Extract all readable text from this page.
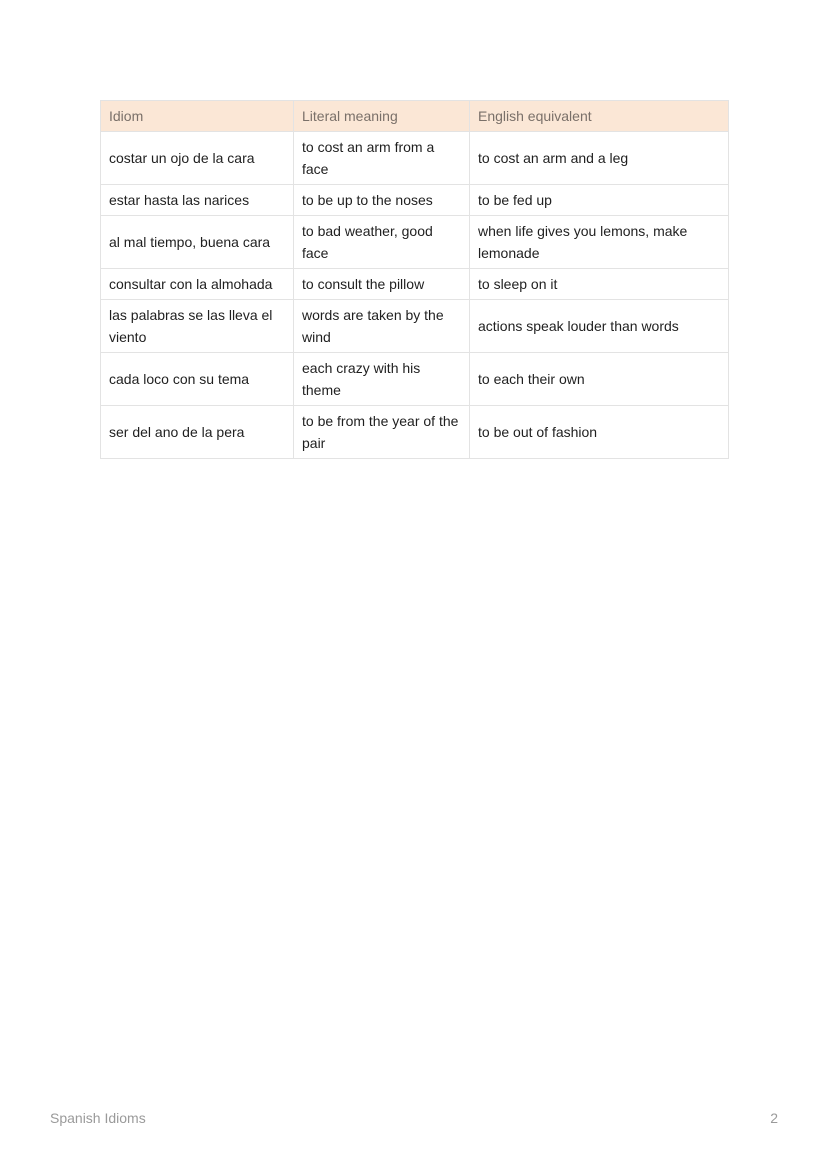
Idiom	Literal meaning	English equivalent
costar un ojo de la cara	to cost an arm from a face	to cost an arm and a leg
estar hasta las narices	to be up to the noses	to be fed up
al mal tiempo, buena cara	to bad weather, good face	when life gives you lemons, make lemonade
consultar con la almohada	to consult the pillow	to sleep on it
las palabras se las lleva el viento	words are taken by the wind	actions speak louder than words
cada loco con su tema	each crazy with his theme	to each their own
ser del ano de la pera	to be from the year of the pair	to be out of fashion
Spanish Idioms	2
